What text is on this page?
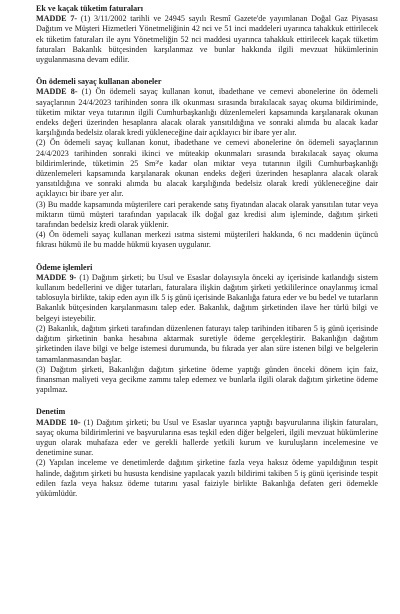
Ek ve kaçak tüketim faturaları

MADDE 7- (1) 3/11/2002 tarihli ve 24945 sayılı Resmî Gazete'de yayımlanan Doğal Gaz Piyasası Dağıtım ve Müşteri Hizmetleri Yönetmeliğinin 42 nci ve 51 inci maddeleri uyarınca tahakkuk ettirilecek ek tüketim faturaları ile aynı Yönetmeliğin 52 nci maddesi uyarınca tahakkuk ettirilecek kaçak tüketim faturaları Bakanlık bütçesinden karşılanmaz ve bunlar hakkında ilgili mevzuat hükümlerinin uygulanmasına devam edilir.

Ön ödemeli sayaç kullanan aboneler

MADDE 8- (1) Ön ödemeli sayaç kullanan konut, ibadethane ve cemevi abonelerine ön ödemeli sayaçlarının 24/4/2023 tarihinden sonra ilk okunması sırasında bırakılacak sayaç okuma bildiriminde, tüketim miktar veya tutarının ilgili Cumhurbaşkanlığı düzenlemeleri kapsamında karşılanarak okunan endeks değeri üzerinden hesaplanra alacak olarak yansıtıldığına ve sonraki alımda bu alacak kadar karşılığında bedelsiz olarak kredi yükleneceğine dair açıklayıcı bir ibare yer alır.

(2) Ön ödemeli sayaç kullanan konut, ibadethane ve cemevi abonelerine ön ödemeli sayaçlarının 24/4/2023 tarihinden sonraki ikinci ve müteakip okunmaları sırasında bırakılacak sayaç okuma bildirimlerinde, tüketimin 25 Sm³'e kadar olan miktar veya tutarının ilgili Cumhurbaşkanlığı düzenlemeleri kapsamında karşılanarak okunan endeks değeri üzerinden hesaplanra alacak olarak yansıtıldığına ve sonraki alımda bu alacak karşılığında bedelsiz olarak kredi yükleneceğine dair açıklayıcı bir ibare yer alır.

(3) Bu madde kapsamında müşterilere cari perakende satış fiyatından alacak olarak yansıtılan tutar veya miktarın tümü müşteri tarafından yapılacak ilk doğal gaz kredisi alım işleminde, dağıtım şirketi tarafından bedelsiz kredi olarak yüklenir.

(4) Ön ödemeli sayaç kullanan merkezi ısıtma sistemi müşterileri hakkında, 6 ncı maddenin üçüncü fıkrası hükmü ile bu madde hükmü kıyasen uygulanır.

Ödeme işlemleri

MADDE 9- (1) Dağıtım şirketi; bu Usul ve Esaslar dolayısıyla önceki ay içerisinde katlandığı sistem kullanım bedellerini ve diğer tutarları, faturalara ilişkin dağıtım şirketi yetkililerince onaylanmış icmal tablosuyla birlikte, takip eden ayın ilk 5 iş günü içerisinde Bakanlığa fatura eder ve bu bedel ve tutarların Bakanlık bütçesinden karşılanmasını talep eder. Bakanlık, dağıtım şirketinden ilave her türlü bilgi ve belgeyi isteyebilir.

(2) Bakanlık, dağıtım şirketi tarafından düzenlenen faturayı talep tarihinden itibaren 5 iş günü içerisinde dağıtım şirketinin banka hesabına aktarmak suretiyle ödeme gerçekleştirir. Bakanlığın dağıtım şirketinden ilave bilgi ve belge istemesi durumunda, bu fıkrada yer alan süre istenen bilgi ve belgelerin tamamlanmasından başlar.

(3) Dağıtım şirketi, Bakanlığın dağıtım şirketine ödeme yaptığı günden önceki dönem için faiz, finansman maliyeti veya gecikme zammı talep edemez ve bunlarla ilgili olarak dağıtım şirketine ödeme yapılmaz.

Denetim

MADDE 10- (1) Dağıtım şirketi; bu Usul ve Esaslar uyarınca yaptığı başvurularına ilişkin faturaları, sayaç okuma bildirimlerini ve başvurularına esas teşkil eden diğer belgeleri, ilgili mevzuat hükümlerine uygun olarak muhafaza eder ve gerekli hallerde yetkili kurum ve kuruluşların incelemesine ve denetimine sunar.

(2) Yapılan inceleme ve denetimlerde dağıtım şirketine fazla veya haksız ödeme yapıldığının tespit halinde, dağıtım şirketi bu hususta kendisine yapılacak yazılı bildirimi takiben 5 iş günü içerisinde tespit edilen fazla veya haksız ödeme tutarını yasal faiziyle birlikte Bakanlığa defaten geri ödemekle yükümlüdür.
